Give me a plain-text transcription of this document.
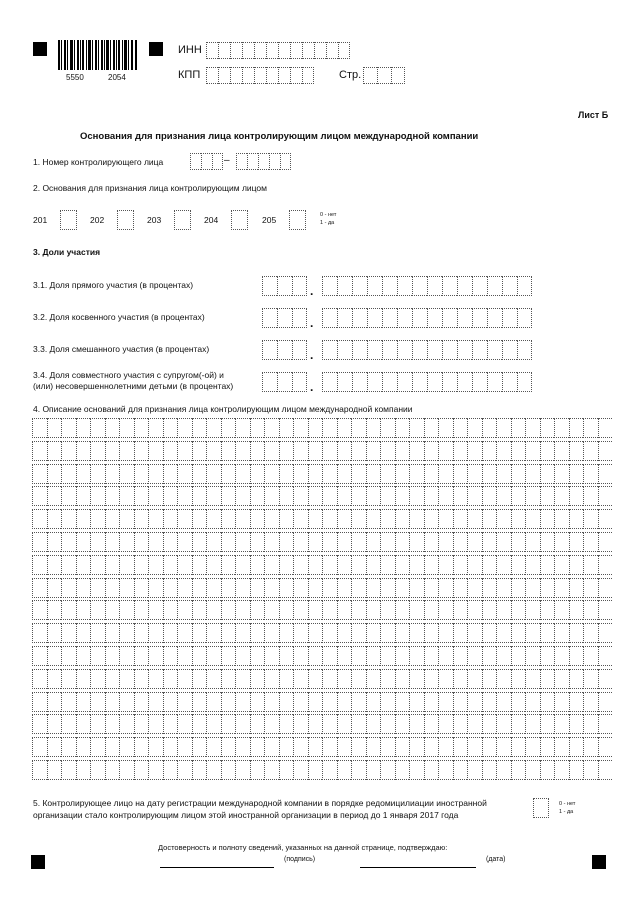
5550	2054
ИНН
КПП	Стр.
Лист Б
Основания для признания лица контролирующим лицом международной компании
1. Номер контролирующего лица	–
2. Основания для признания лица контролирующим лицом
201	202	203	204	205	0 - нет
1 - да
3. Доли участия
3.1. Доля прямого участия (в процентах)	.
3.2. Доля косвенного участия (в процентах)	.
3.3. Доля смешанного участия (в процентах)	.
3.4. Доля совместного участия с супругом(-ой) и
(или) несовершеннолетними детьми (в процентах)	.
4. Описание оснований для признания лица контролирующим лицом международной компании
5. Контролирующее лицо на дату регистрации международной компании в порядке редомицилиации иностранной
организации стало контролирующим лицом этой иностранной организации в период до 1 января 2017 года
0 - нет
1 - да
Достоверность и полноту сведений, указанных на данной странице, подтверждаю:
(подпись)	(дата)
